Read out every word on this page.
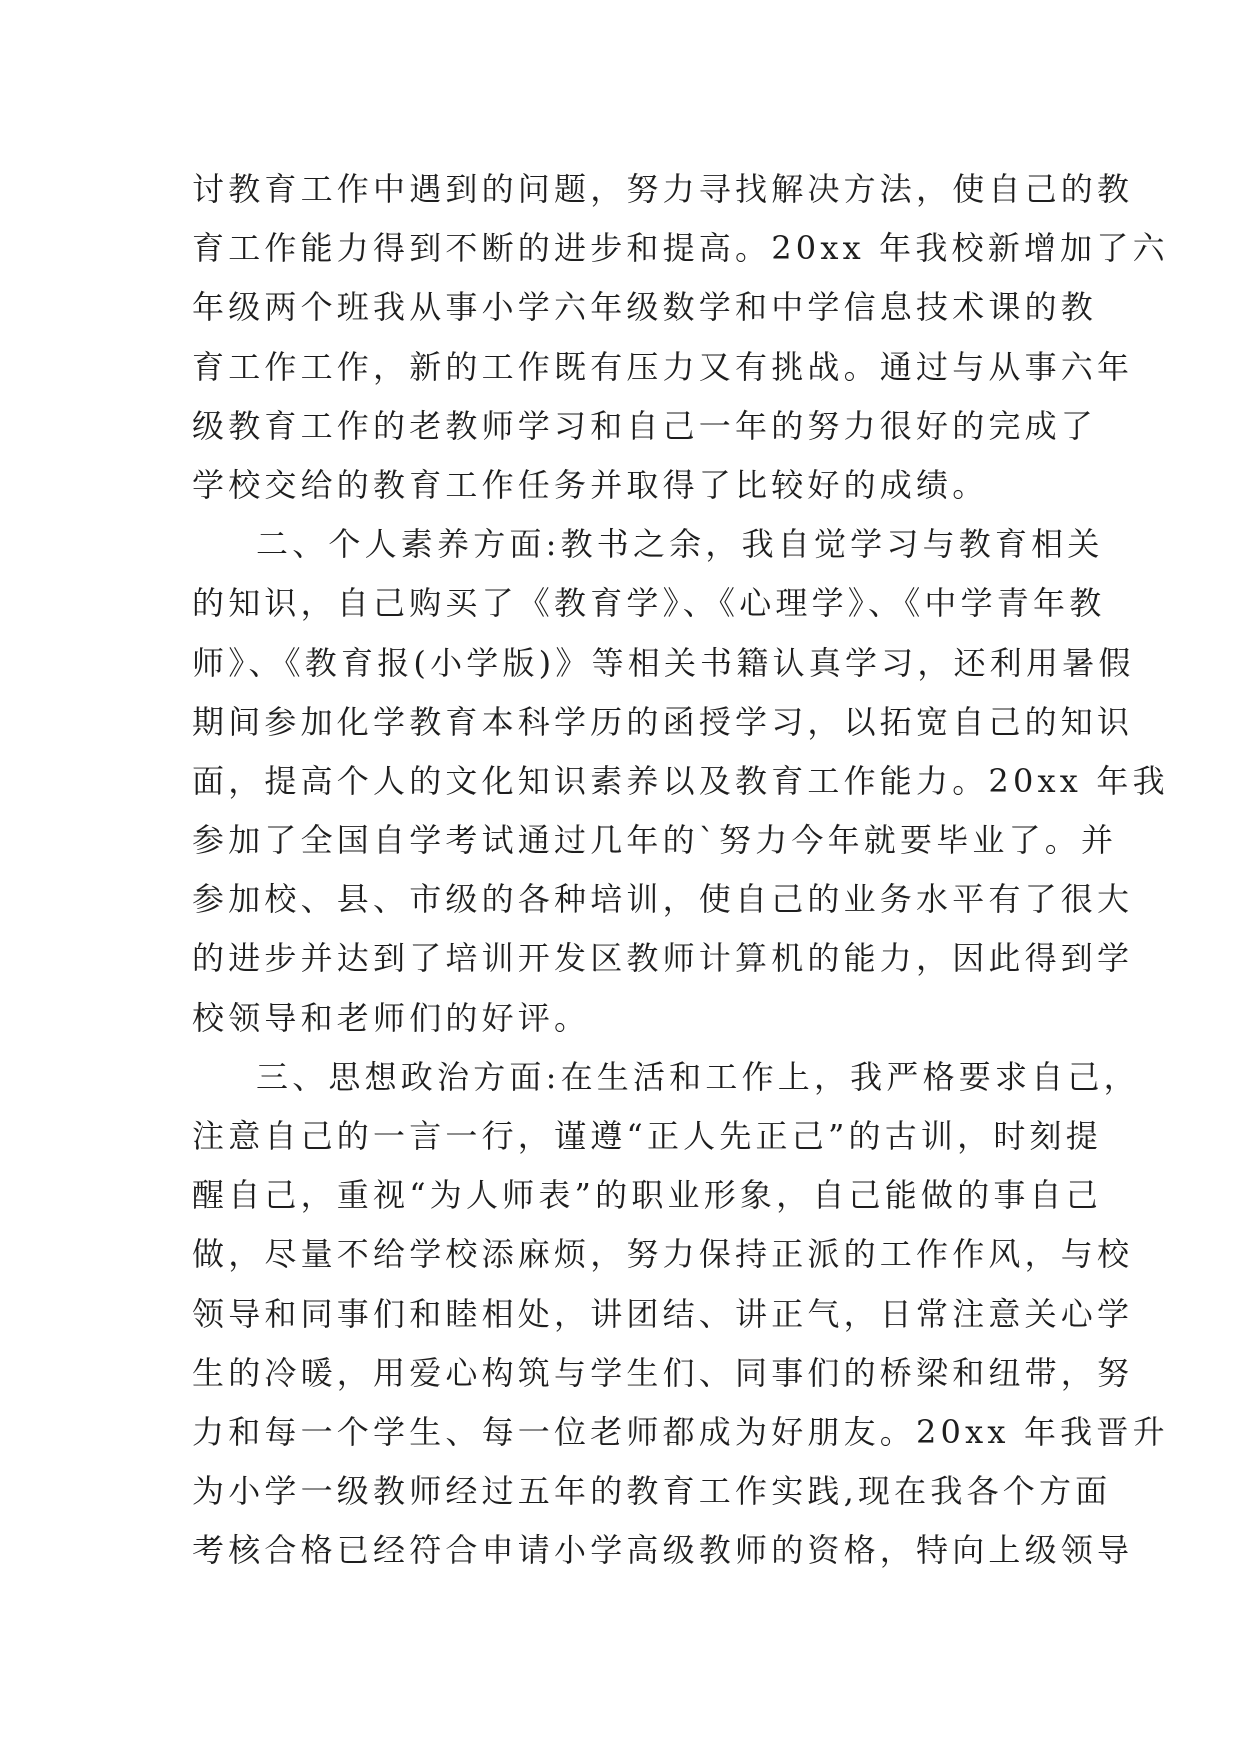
讨教育工作中遇到的问题，努力寻找解决方法，使自己的教
育工作能力得到不断的进步和提高。20xx 年我校新增加了六
年级两个班我从事小学六年级数学和中学信息技术课的教
育工作工作，新的工作既有压力又有挑战。通过与从事六年
级教育工作的老教师学习和自己一年的努力很好的完成了
学校交给的教育工作任务并取得了比较好的成绩。
二、个人素养方面:教书之余，我自觉学习与教育相关
的知识，自己购买了《教育学》、《心理学》、《中学青年教
师》、《教育报(小学版)》等相关书籍认真学习，还利用暑假
期间参加化学教育本科学历的函授学习，以拓宽自己的知识
面，提高个人的文化知识素养以及教育工作能力。20xx 年我
参加了全国自学考试通过几年的`努力今年就要毕业了。并
参加校、县、市级的各种培训，使自己的业务水平有了很大
的进步并达到了培训开发区教师计算机的能力，因此得到学
校领导和老师们的好评。
三、思想政治方面:在生活和工作上，我严格要求自己，
注意自己的一言一行，谨遵“正人先正己”的古训，时刻提
醒自己，重视“为人师表”的职业形象，自己能做的事自己
做，尽量不给学校添麻烦，努力保持正派的工作作风，与校
领导和同事们和睦相处，讲团结、讲正气，日常注意关心学
生的冷暖，用爱心构筑与学生们、同事们的桥梁和纽带，努
力和每一个学生、每一位老师都成为好朋友。20xx 年我晋升
为小学一级教师经过五年的教育工作实践,现在我各个方面
考核合格已经符合申请小学高级教师的资格，特向上级领导
